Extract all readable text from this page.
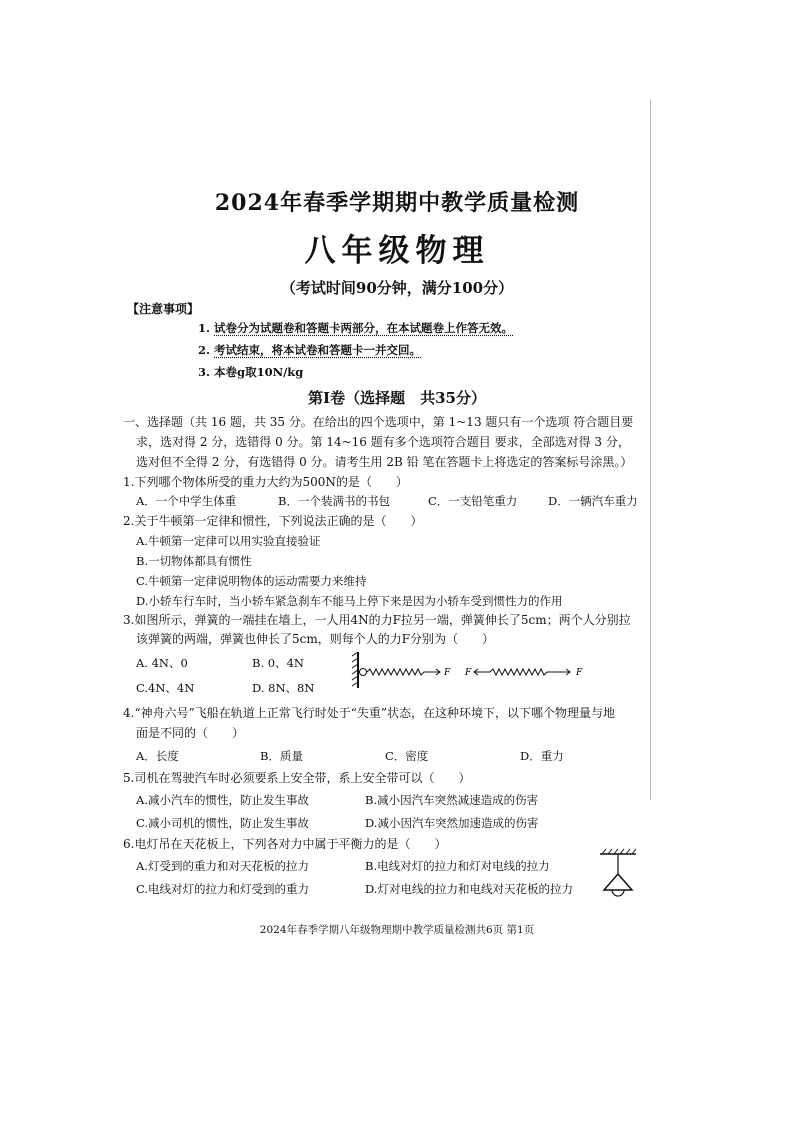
2024年春季学期期中教学质量检测
八年级物理
（考试时间90分钟，满分100分）
【注意事项】
1. 试卷分为试题卷和答题卡两部分，在本试题卷上作答无效。
2. 考试结束，将本试卷和答题卡一并交回。
3. 本卷g取10N/kg
第Ⅰ卷（选择题　共35分）
一、选择题（共 16 题，共 35 分。在给出的四个选项中，第 1~13 题只有一个选项 符合题目要
求，选对得 2 分，选错得 0 分。第 14~16 题有多个选项符合题目 要求，全部选对得 3 分，
选对但不全得 2 分，有选错得 0 分。请考生用 2B 铅 笔在答题卡上将选定的答案标号涂黑。）
1.下列哪个物体所受的重力大约为500N的是（　　）
A．一个中学生体重	B．一个装满书的书包	C．一支铅笔重力	D．一辆汽车重力
2.关于牛顿第一定律和惯性，下列说法正确的是（　　）
A.牛顿第一定律可以用实验直接验证
B.一切物体都具有惯性
C.牛顿第一定律说明物体的运动需要力来维持
D.小轿车行车时，当小轿车紧急刹车不能马上停下来是因为小轿车受到惯性力的作用
3.如图所示，弹簧的一端挂在墙上，一人用4N的力F拉另一端，弹簧伸长了5cm；两个人分别拉
该弹簧的两端，弹簧也伸长了5cm，则每个人的力F分别为（　　）
A. 4N、0	B. 0、4N
C.4N、4N	D. 8N、8N
F F	F
4.“神舟六号”飞船在轨道上正常飞行时处于“失重”状态，在这种环境下，以下哪个物理量与地
面是不同的（　　）
A．长度	B．质量	C．密度	D．重力
5.司机在驾驶汽车时必须要系上安全带，系上安全带可以（　　）
A.减小汽车的惯性，防止发生事故	B.减小因汽车突然减速造成的伤害
C.减小司机的惯性，防止发生事故	D.减小因汽车突然加速造成的伤害
6.电灯吊在天花板上，下列各对力中属于平衡力的是（　　）
A.灯受到的重力和对天花板的拉力	B.电线对灯的拉力和灯对电线的拉力
C.电线对灯的拉力和灯受到的重力	D.灯对电线的拉力和电线对天花板的拉力
2024年春季学期八年级物理期中教学质量检测共6页 第1页
